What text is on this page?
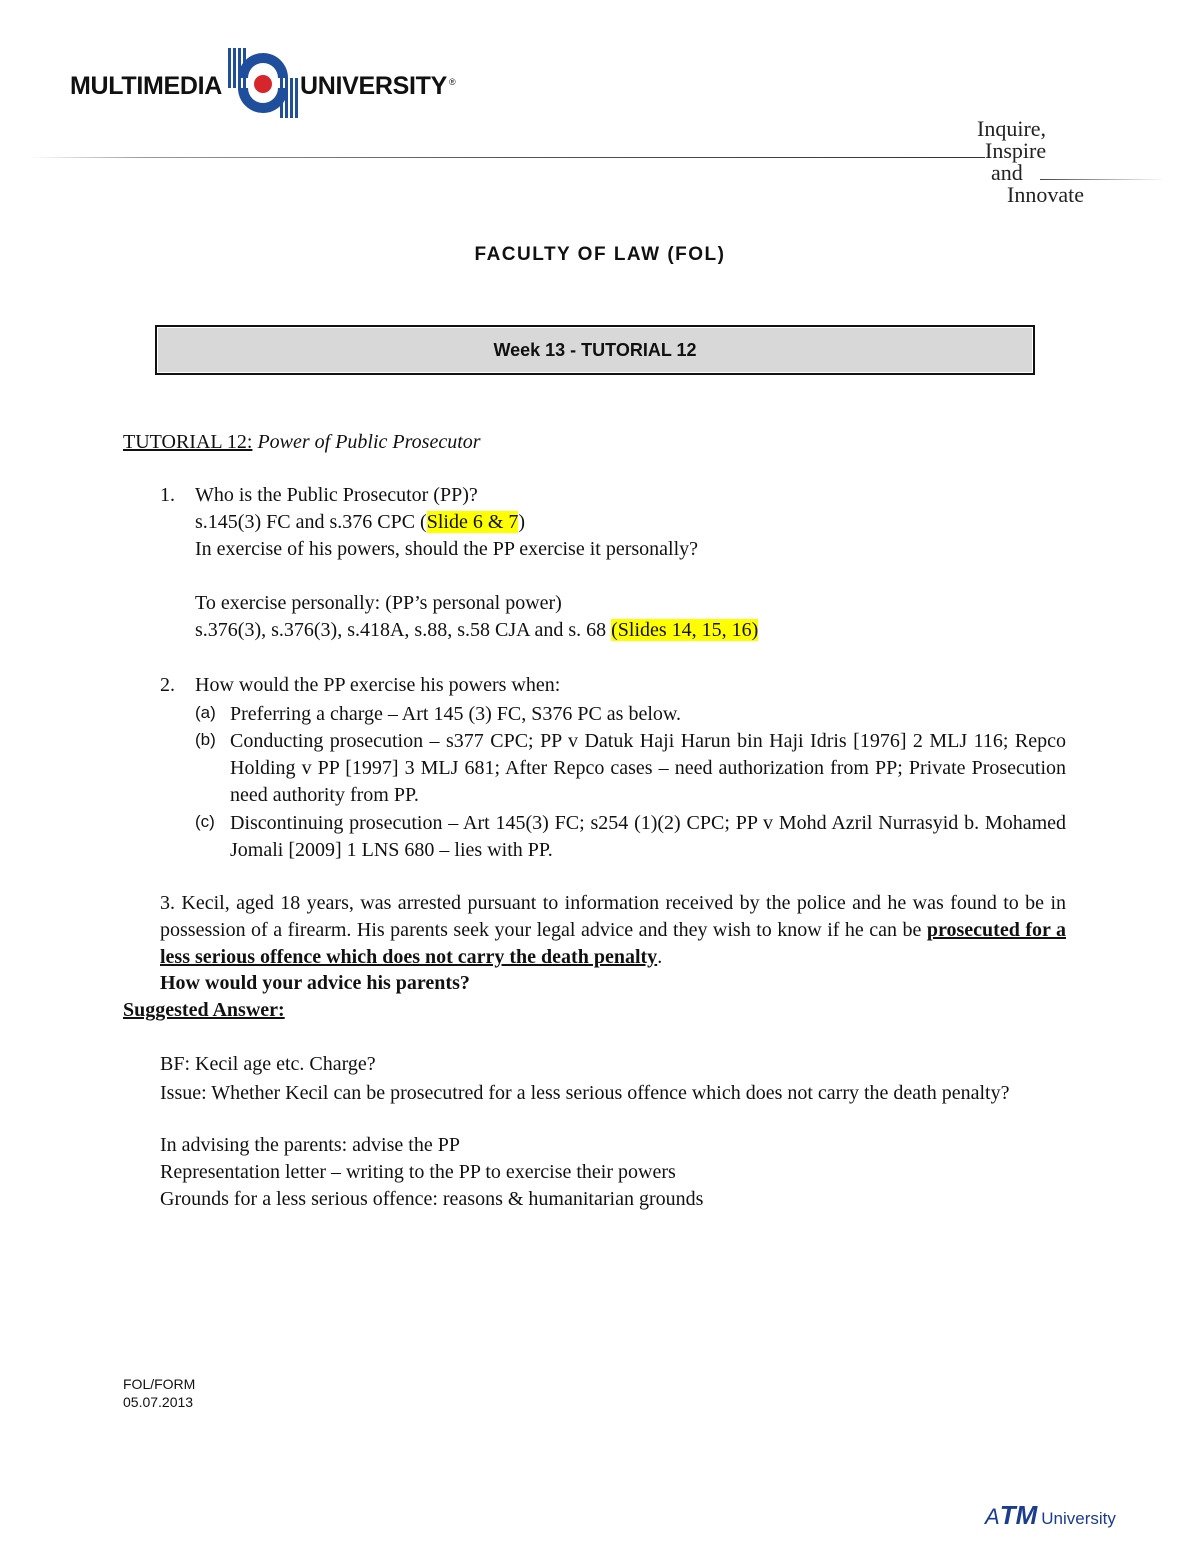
MULTIMEDIA	UNIVERSITY ®
Inquire,
Inspire
and
Innovate
FACULTY OF LAW (FOL)
Week 13 - TUTORIAL 12
TUTORIAL 12: Power of Public Prosecutor
1. Who is the Public Prosecutor (PP)?
s.145(3) FC and s.376 CPC (Slide 6 & 7)
In exercise of his powers, should the PP exercise it personally?
To exercise personally: (PP’s personal power)
s.376(3), s.376(3), s.418A, s.88, s.58 CJA and s. 68 (Slides 14, 15, 16)
2. How would the PP exercise his powers when:
(a) Preferring a charge – Art 145 (3) FC, S376 PC as below.
(b) Conducting prosecution – s377 CPC; PP v Datuk Haji Harun bin Haji Idris [1976] 2 MLJ 116; Repco Holding v PP [1997] 3 MLJ 681; After Repco cases – need authorization from PP; Private Prosecution need authority from PP.
(c) Discontinuing prosecution – Art 145(3) FC; s254 (1)(2) CPC; PP v Mohd Azril Nurrasyid b. Mohamed Jomali [2009] 1 LNS 680 – lies with PP.
3. Kecil, aged 18 years, was arrested pursuant to information received by the police and he was found to be in possession of a firearm. His parents seek your legal advice and they wish to know if he can be prosecuted for a less serious offence which does not carry the death penalty.
How would your advice his parents?
Suggested Answer:
BF: Kecil age etc. Charge?
Issue: Whether Kecil can be prosecutred for a less serious offence which does not carry the death penalty?
In advising the parents: advise the PP
Representation letter – writing to the PP to exercise their powers
Grounds for a less serious offence: reasons & humanitarian grounds
FOL/FORM
05.07.2013
ATM University
